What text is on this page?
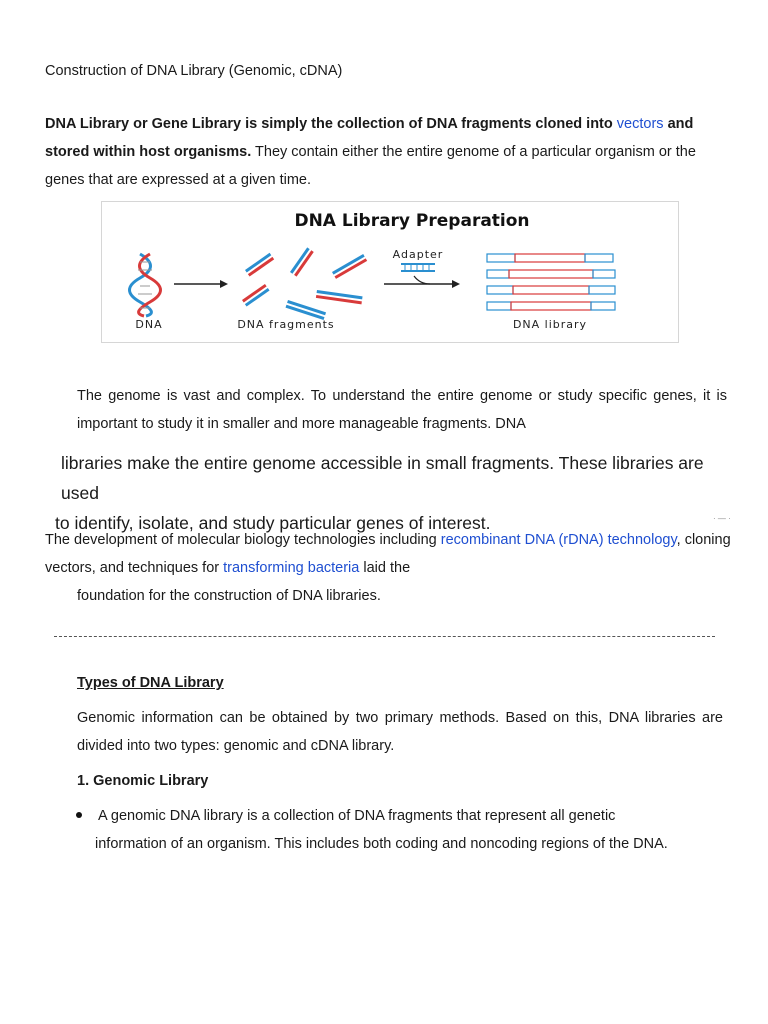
Construction of DNA Library (Genomic, cDNA)

DNA Library or Gene Library is simply the collection of DNA fragments cloned into vectors and stored within host organisms. They contain either the entire genome of a particular organism or the genes that are expressed at a given time.

DNA Library Preparation
DNA	DNA fragments
Adapter
DNA library

The genome is vast and complex. To understand the entire genome or study specific genes, it is important to study it in smaller and more manageable fragments. DNA

libraries make the entire genome accessible in small fragments. These libraries are used
to identify, isolate, and study particular genes of interest.	· — ·

The development of molecular biology technologies including recombinant DNA (rDNA) technology, cloning vectors, and techniques for transforming bacteria laid the
foundation for the construction of DNA libraries.

Types of DNA Library

Genomic information can be obtained by two primary methods. Based on this, DNA libraries are divided into two types: genomic and cDNA library.

1. Genomic Library

A genomic DNA library is a collection of DNA fragments that represent all genetic
information of an organism. This includes both coding and noncoding regions of the DNA.
